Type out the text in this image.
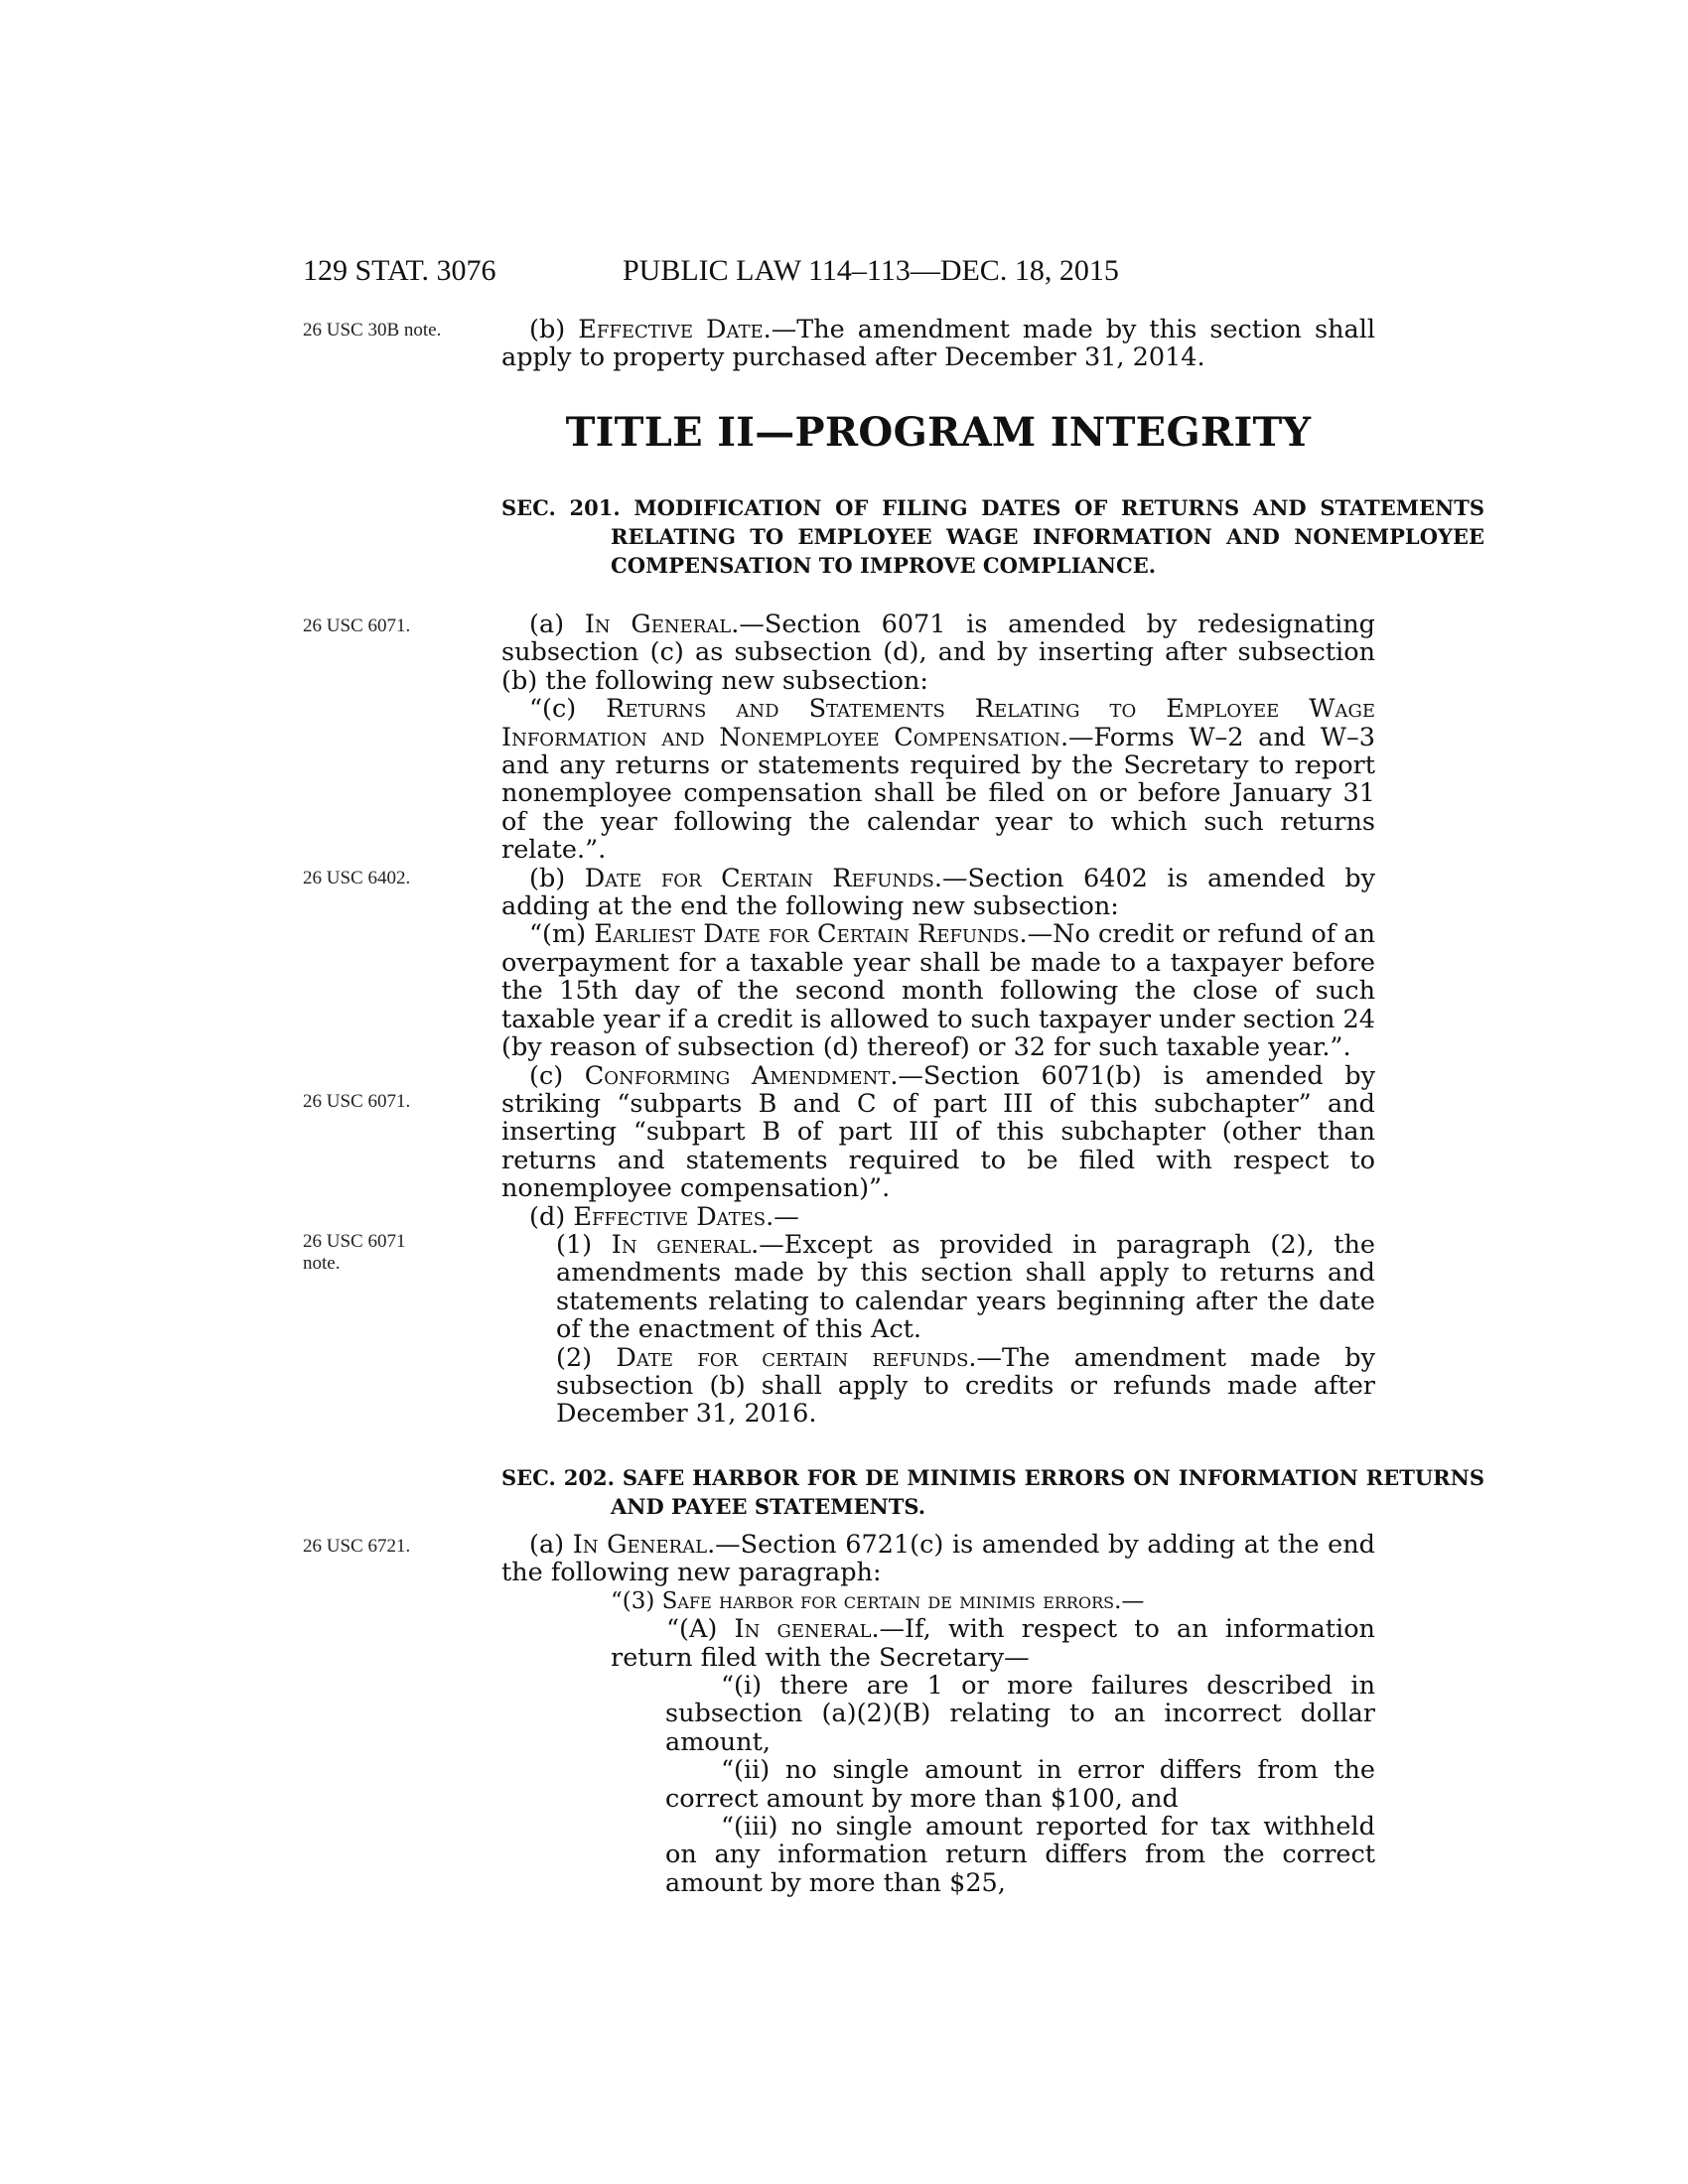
129 STAT. 3076	PUBLIC LAW 114–113—DEC. 18, 2015
26 USC 30B note.
26 USC 6071.
26 USC 6402.
26 USC 6071.
26 USC 6071
note.
26 USC 6721.

(b) Effective Date.—The amendment made by this section shall apply to property purchased after December 31, 2014.

TITLE II—PROGRAM INTEGRITY
SEC. 201. MODIFICATION OF FILING DATES OF RETURNS AND STATEMENTS RELATING TO EMPLOYEE WAGE INFORMATION AND NONEMPLOYEE COMPENSATION TO IMPROVE COMPLIANCE.

(a) In General.—Section 6071 is amended by redesignating subsection (c) as subsection (d), and by inserting after subsection (b) the following new subsection:

“(c) Returns and Statements Relating to Employee Wage Information and Nonemployee Compensation.—Forms W–2 and W–3 and any returns or statements required by the Secretary to report nonemployee compensation shall be filed on or before January 31 of the year following the calendar year to which such returns relate.”.

(b) Date for Certain Refunds.—Section 6402 is amended by adding at the end the following new subsection:

“(m) Earliest Date for Certain Refunds.—No credit or refund of an overpayment for a taxable year shall be made to a taxpayer before the 15th day of the second month following the close of such taxable year if a credit is allowed to such taxpayer under section 24 (by reason of subsection (d) thereof) or 32 for such taxable year.”.

(c) Conforming Amendment.—Section 6071(b) is amended by striking “subparts B and C of part III of this subchapter” and inserting “subpart B of part III of this subchapter (other than returns and statements required to be filed with respect to nonemployee compensation)”.

(d) Effective Dates.—

(1) In general.—Except as provided in paragraph (2), the amendments made by this section shall apply to returns and statements relating to calendar years beginning after the date of the enactment of this Act.

(2) Date for certain refunds.—The amendment made by subsection (b) shall apply to credits or refunds made after December 31, 2016.

SEC. 202. SAFE HARBOR FOR DE MINIMIS ERRORS ON INFORMATION RETURNS AND PAYEE STATEMENTS.

(a) In General.—Section 6721(c) is amended by adding at the end the following new paragraph:

“(3) Safe harbor for certain de minimis errors.—

“(A) In general.—If, with respect to an information return filed with the Secretary—

“(i) there are 1 or more failures described in subsection (a)(2)(B) relating to an incorrect dollar amount,

“(ii) no single amount in error differs from the correct amount by more than $100, and

“(iii) no single amount reported for tax withheld on any information return differs from the correct amount by more than $25,
